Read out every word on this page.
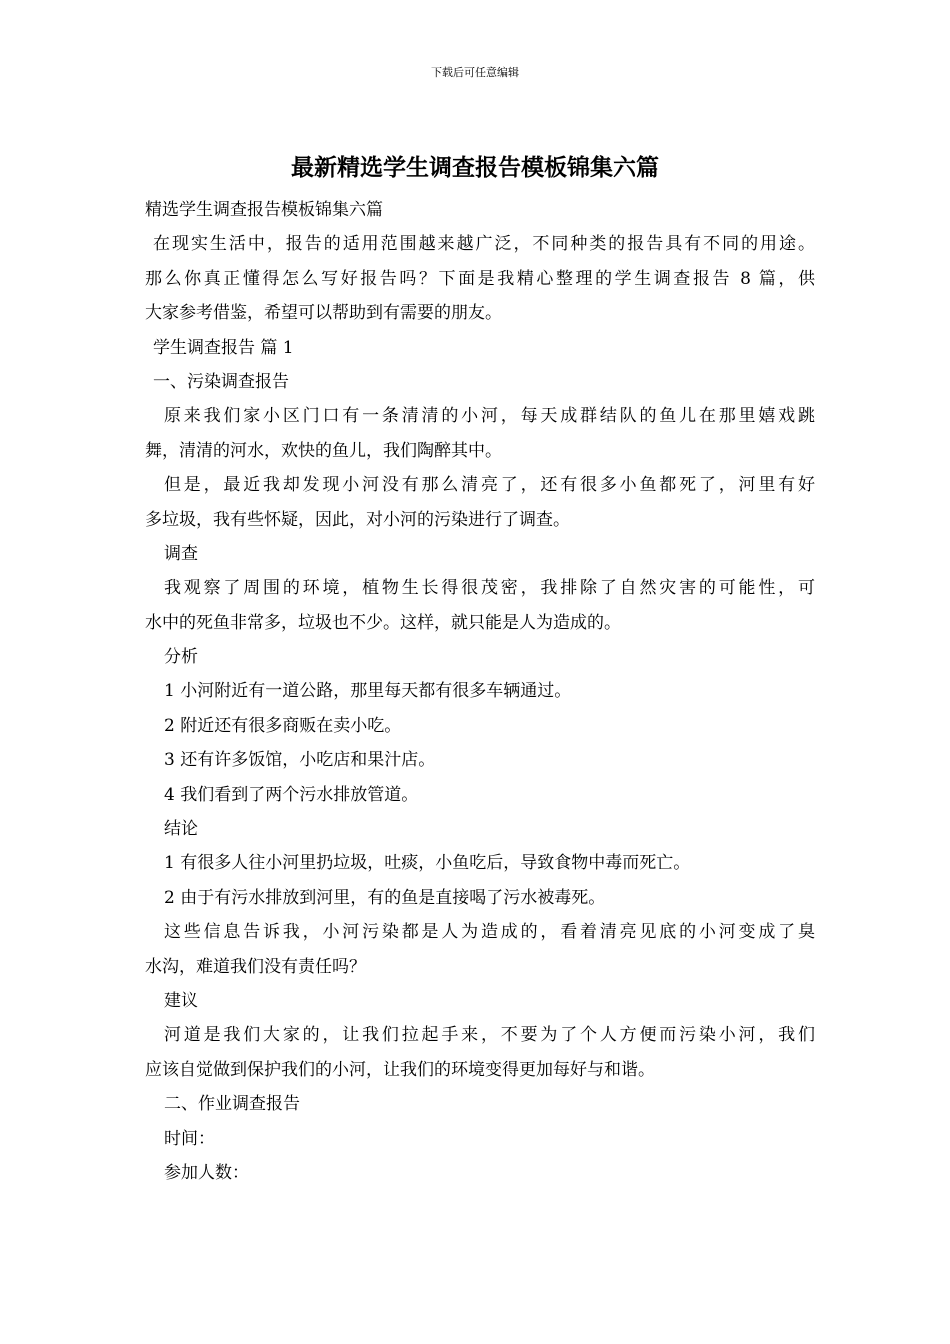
下载后可任意编辑
最新精选学生调查报告模板锦集六篇
精选学生调查报告模板锦集六篇
在现实生活中，报告的适用范围越来越广泛，不同种类的报告具有不同的用途。
那么你真正懂得怎么写好报告吗？下面是我精心整理的学生调查报告 8 篇，供
大家参考借鉴，希望可以帮助到有需要的朋友。
学生调查报告 篇 1
一、污染调查报告
原来我们家小区门口有一条清清的小河，每天成群结队的鱼儿在那里嬉戏跳
舞，清清的河水，欢快的鱼儿，我们陶醉其中。
但是，最近我却发现小河没有那么清亮了，还有很多小鱼都死了，河里有好
多垃圾，我有些怀疑，因此，对小河的污染进行了调查。
调查
我观察了周围的环境，植物生长得很茂密，我排除了自然灾害的可能性，可
水中的死鱼非常多，垃圾也不少。这样，就只能是人为造成的。
分析
1 小河附近有一道公路，那里每天都有很多车辆通过。
2 附近还有很多商贩在卖小吃。
3 还有许多饭馆，小吃店和果汁店。
4 我们看到了两个污水排放管道。
结论
1 有很多人往小河里扔垃圾，吐痰，小鱼吃后，导致食物中毒而死亡。
2 由于有污水排放到河里，有的鱼是直接喝了污水被毒死。
这些信息告诉我，小河污染都是人为造成的，看着清亮见底的小河变成了臭
水沟，难道我们没有责任吗？
建议
河道是我们大家的，让我们拉起手来，不要为了个人方便而污染小河，我们
应该自觉做到保护我们的小河，让我们的环境变得更加每好与和谐。
二、作业调查报告
时间：
参加人数：
